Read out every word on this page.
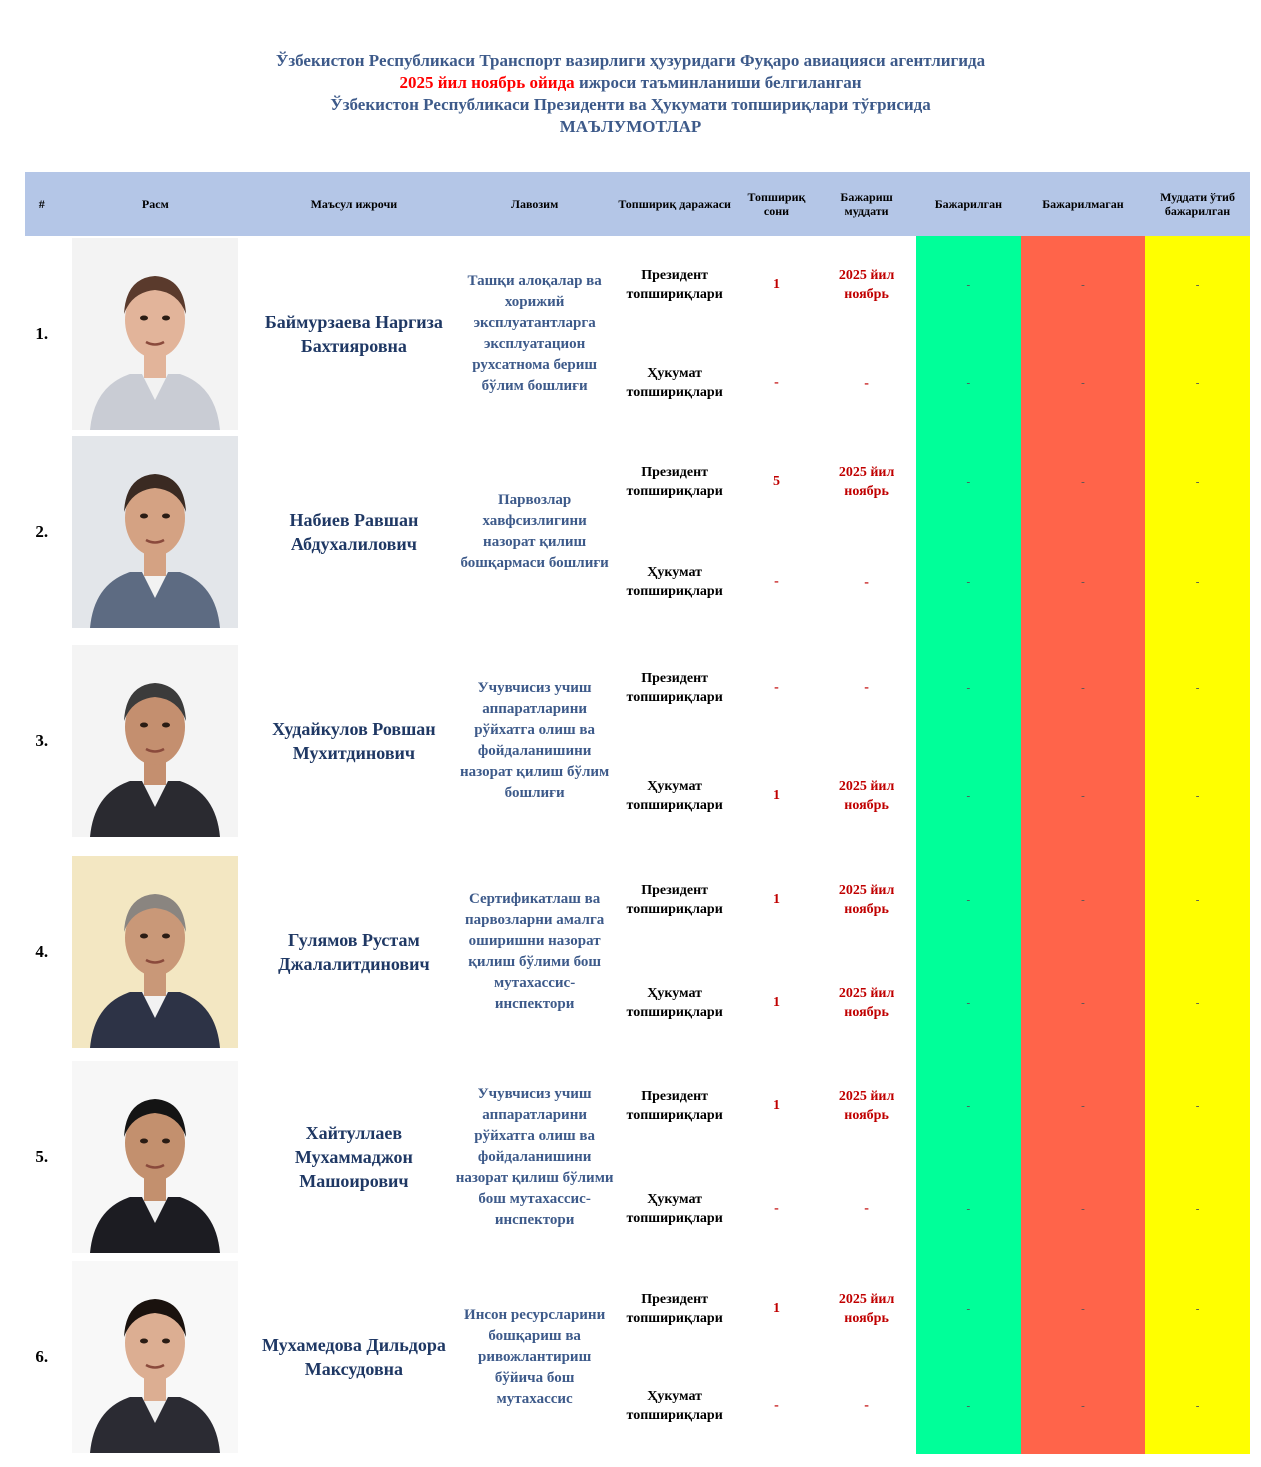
Ўзбекистон Республикаси Транспорт вазирлиги ҳузуридаги Фуқаро авиацияси агентлигида
2025 йил ноябрь ойида ижроси таъминланиши белгиланган
Ўзбекистон Республикаси Президенти ва Ҳукумати топшириқлари тўғрисида
МАЪЛУМОТЛАР
#	Расм	Маъсул ижрочи	Лавозим	Топшириқ даражаси	Топшириқ сони	Бажариш муддати	Бажарилган	Бажарилмаган	Муддати ўтиб бажарилган
1.		Баймурзаева Наргиза Бахтияровна	Ташқи алоқалар ва хорижий эксплуатантларга эксплуатацион рухсатнома бериш бўлим бошлиғи	Президент топшириқлари	1	2025 йил ноябрь	-	-	-
				Ҳукумат топшириқлари	-	-	-	-	-
2.		Набиев Равшан Абдухалилович	Парвозлар хавфсизлигини назорат қилиш бошқармаси бошлиғи	Президент топшириқлари	5	2025 йил ноябрь	-	-	-
				Ҳукумат топшириқлари	-	-	-	-	-
3.		Худайкулов Ровшан Мухитдинович	Учувчисиз учиш аппаратларини рўйхатга олиш ва фойдаланишини назорат қилиш бўлим бошлиғи	Президент топшириқлари	-	-	-	-	-
				Ҳукумат топшириқлари	1	2025 йил ноябрь	-	-	-
4.		Гулямов Рустам Джалалитдинович	Сертификатлаш ва парвозларни амалга оширишни назорат қилиш бўлими бош мутахассис-инспектори	Президент топшириқлари	1	2025 йил ноябрь	-	-	-
				Ҳукумат топшириқлари	1	2025 йил ноябрь	-	-	-
5.		Хайтуллаев Мухаммаджон Машоирович	Учувчисиз учиш аппаратларини рўйхатга олиш ва фойдаланишини назорат қилиш бўлими бош мутахассис-инспектори	Президент топшириқлари	1	2025 йил ноябрь	-	-	-
				Ҳукумат топшириқлари	-	-	-	-	-
6.		Мухамедова Дильдора Максудовна	Инсон ресурсларини бошқариш ва ривожлантириш бўйича бош мутахассис	Президент топшириқлари	1	2025 йил ноябрь	-	-	-
				Ҳукумат топшириқлари	-	-	-	-	-
